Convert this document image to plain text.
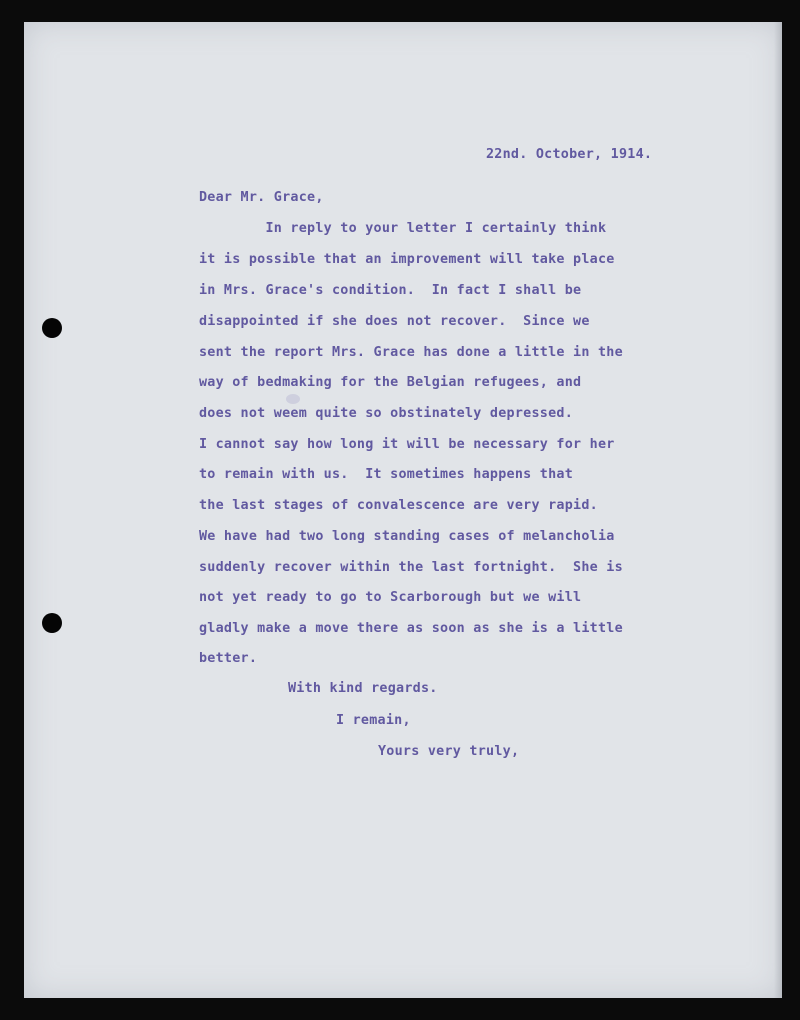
22nd. October, 1914.
Dear Mr. Grace,
In reply to your letter I certainly think
it is possible that an improvement will take place
in Mrs. Grace's condition.  In fact I shall be
disappointed if she does not recover.  Since we
sent the report Mrs. Grace has done a little in the
way of bedmaking for the Belgian refugees, and
does not weem quite so obstinately depressed.
I cannot say how long it will be necessary for her
to remain with us.  It sometimes happens that
the last stages of convalescence are very rapid.
We have had two long standing cases of melancholia
suddenly recover within the last fortnight.  She is
not yet ready to go to Scarborough but we will
gladly make a move there as soon as she is a little
better.
With kind regards.
I remain,
Yours very truly,
